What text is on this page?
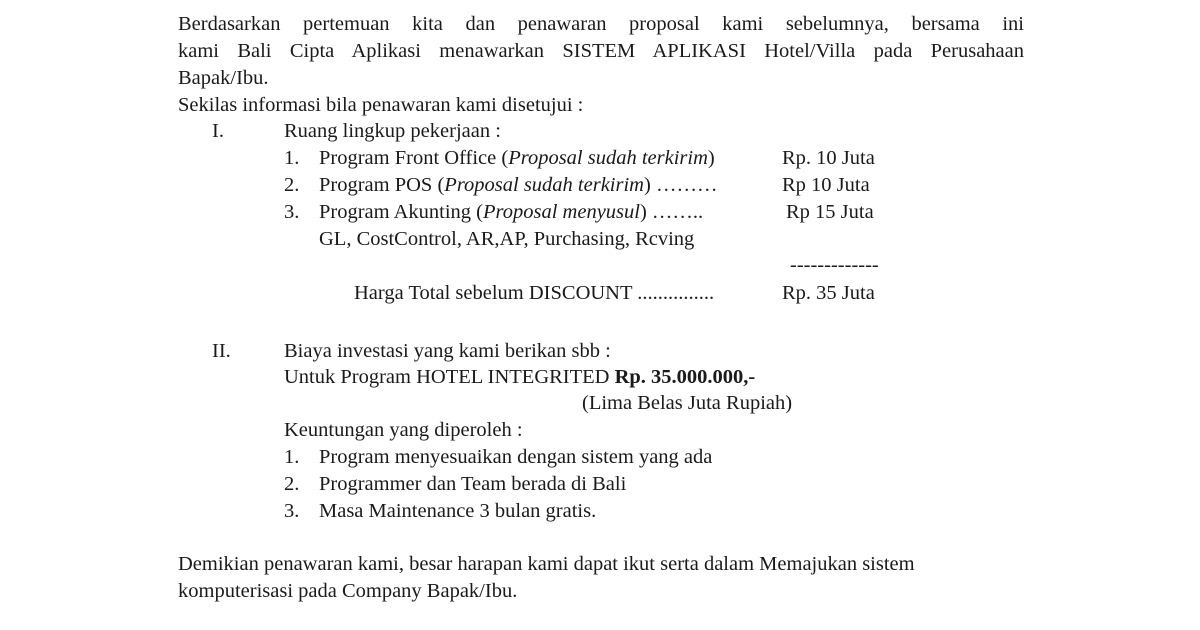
Berdasarkan pertemuan kita dan penawaran proposal kami sebelumnya, bersama ini
kami Bali Cipta Aplikasi menawarkan SISTEM APLIKASI Hotel/Villa pada Perusahaan
Bapak/Ibu.
Sekilas informasi bila penawaran kami disetujui :
I.	Ruang lingkup pekerjaan :
1. Program Front Office (Proposal sudah terkirim)	Rp. 10 Juta
2. Program POS (Proposal sudah terkirim) ………	Rp 10 Juta
3. Program Akunting (Proposal menyusul) ……..	Rp 15 Juta
GL, CostControl, AR,AP, Purchasing, Rcving
-------------
Harga Total sebelum DISCOUNT ...............	Rp. 35 Juta
II.	Biaya investasi yang kami berikan sbb :
Untuk Program HOTEL INTEGRITED Rp. 35.000.000,-
(Lima Belas Juta Rupiah)
Keuntungan yang diperoleh :
1. Program menyesuaikan dengan sistem yang ada
2. Programmer dan Team berada di Bali
3. Masa Maintenance 3 bulan gratis.
Demikian penawaran kami, besar harapan kami dapat ikut serta dalam Memajukan sistem
komputerisasi pada Company Bapak/Ibu.
